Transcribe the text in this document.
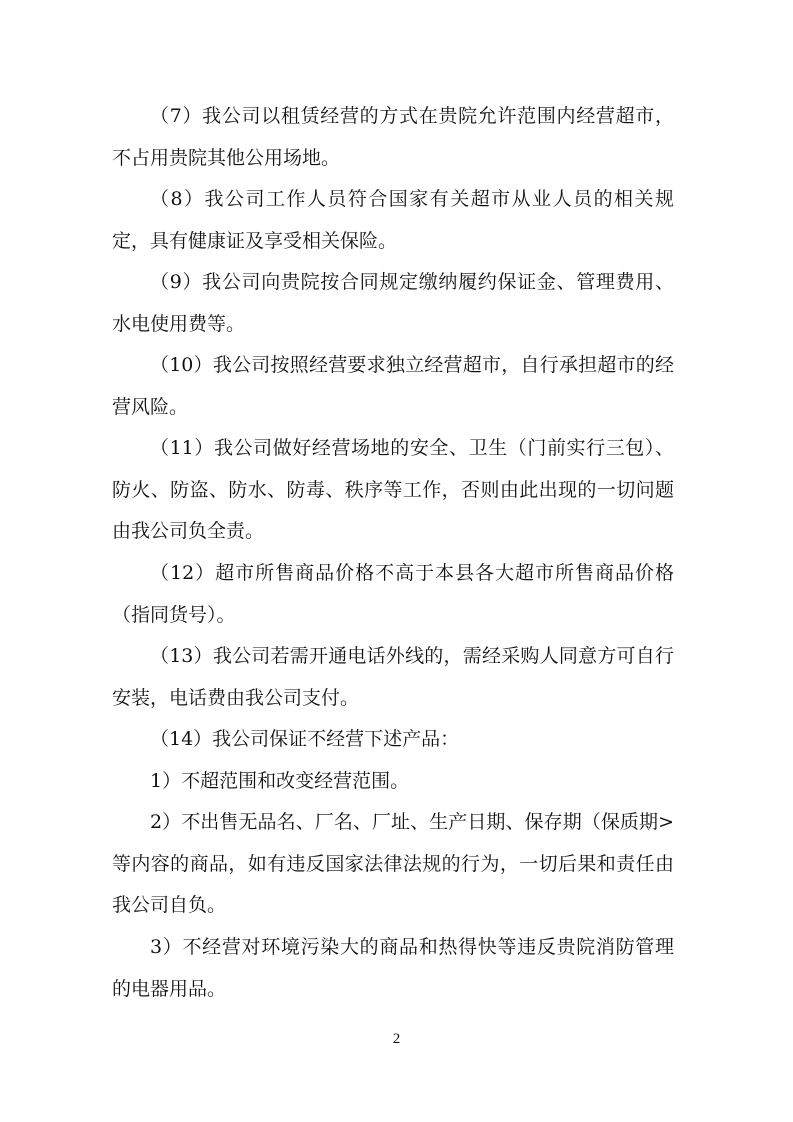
（7）我公司以租赁经营的方式在贵院允许范围内经营超市，不占用贵院其他公用场地。

（8）我公司工作人员符合国家有关超市从业人员的相关规定，具有健康证及享受相关保险。

（9）我公司向贵院按合同规定缴纳履约保证金、管理费用、水电使用费等。

（10）我公司按照经营要求独立经营超市，自行承担超市的经营风险。

（11）我公司做好经营场地的安全、卫生（门前实行三包）、防火、防盗、防水、防毒、秩序等工作，否则由此出现的一切问题由我公司负全责。

（12）超市所售商品价格不高于本县各大超市所售商品价格（指同货号）。

（13）我公司若需开通电话外线的，需经采购人同意方可自行安装，电话费由我公司支付。

（14）我公司保证不经营下述产品：

1）不超范围和改变经营范围。

2）不出售无品名、厂名、厂址、生产日期、保存期（保质期>等内容的商品，如有违反国家法律法规的行为，一切后果和责任由我公司自负。

3）不经营对环境污染大的商品和热得快等违反贵院消防管理的电器用品。

2
